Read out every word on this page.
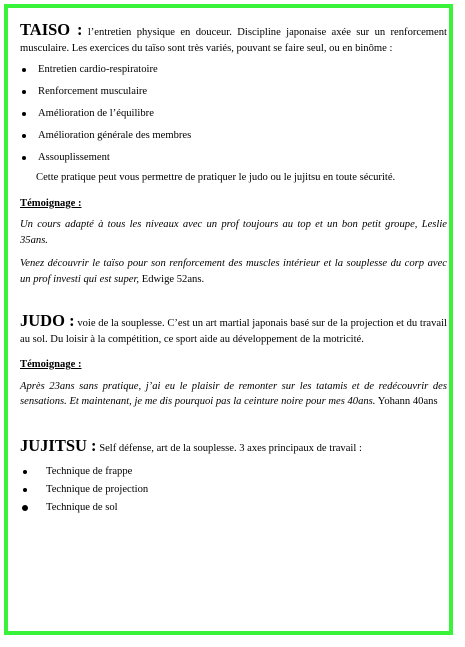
TAISO : l’entretien physique en douceur. Discipline japonaise axée sur un renforcement musculaire. Les exercices du taïso sont très variés, pouvant se faire seul, ou en binôme :
Entretien cardio-respiratoire
Renforcement musculaire
Amélioration de l’équilibre
Amélioration générale des membres
Assouplissement
Cette pratique peut vous permettre de pratiquer le judo ou le jujitsu en toute sécurité.
Témoignage :
Un cours adapté à tous les niveaux avec un prof toujours au top et un bon petit groupe, Leslie 35ans.
Venez découvrir le taïso pour son renforcement des muscles intérieur et la souplesse du corp avec un prof investi qui est super, Edwige 52ans.
JUDO : voie de la souplesse. C’est un art martial japonais basé sur de la projection et du travail au sol. Du loisir à la compétition, ce sport aide au développement de la motricité.
Témoignage :
Après 23ans sans pratique, j’ai eu le plaisir de remonter sur les tatamis et de redécouvrir des sensations. Et maintenant, je me dis pourquoi pas la ceinture noire pour mes 40ans. Yohann 40ans
JUJITSU : Self défense, art de la souplesse. 3 axes principaux de travail :
Technique de frappe
Technique de projection
Technique de sol
